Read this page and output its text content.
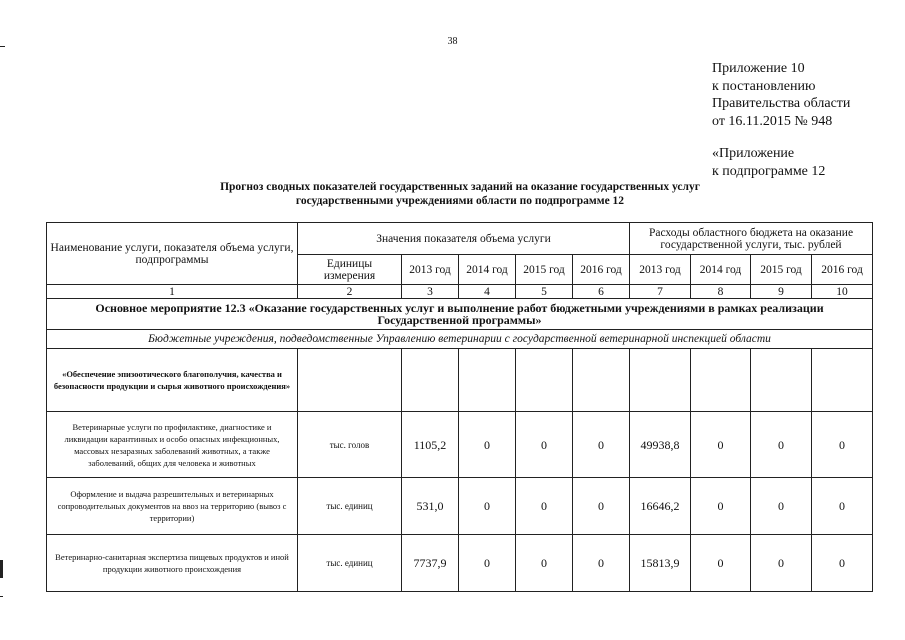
38
Приложение 10
к постановлению
Правительства области
от 16.11.2015 № 948
«Приложение
к подпрограмме 12
Прогноз сводных показателей государственных заданий на оказание государственных услуг
государственными учреждениями области по подпрограмме 12
Наименование услуги, показателя объема услуги, подпрограммы	Значения показателя объема услуги					Расходы областного бюджета на оказание государственной услуги, тыс. рублей			
	Единицы измерения	2013 год	2014 год	2015 год	2016 год	2013 год	2014 год	2015 год	2016 год
1	2	3	4	5	6	7	8	9	10
Основное мероприятие 12.3 «Оказание государственных услуг и выполнение работ бюджетными учреждениями в рамках реализации Государственной программы»									
Бюджетные учреждения, подведомственные Управлению ветеринарии с государственной ветеринарной инспекцией области									
«Обеспечение эпизоотического благополучия, качества и безопасности продукции и сырья животного происхождения»									
Ветеринарные услуги по профилактике, диагностике и ликвидации карантинных и особо опасных инфекционных, массовых незаразных заболеваний животных, а также заболеваний, общих для человека и животных	тыс. голов	1105,2	0	0	0	49938,8	0	0	0
Оформление и выдача разрешительных и ветеринарных сопроводительных документов на ввоз на территорию (вывоз с территории)	тыс. единиц	531,0	0	0	0	16646,2	0	0	0
Ветеринарно-санитарная экспертиза пищевых продуктов и иной продукции животного происхождения	тыс. единиц	7737,9	0	0	0	15813,9	0	0	0
